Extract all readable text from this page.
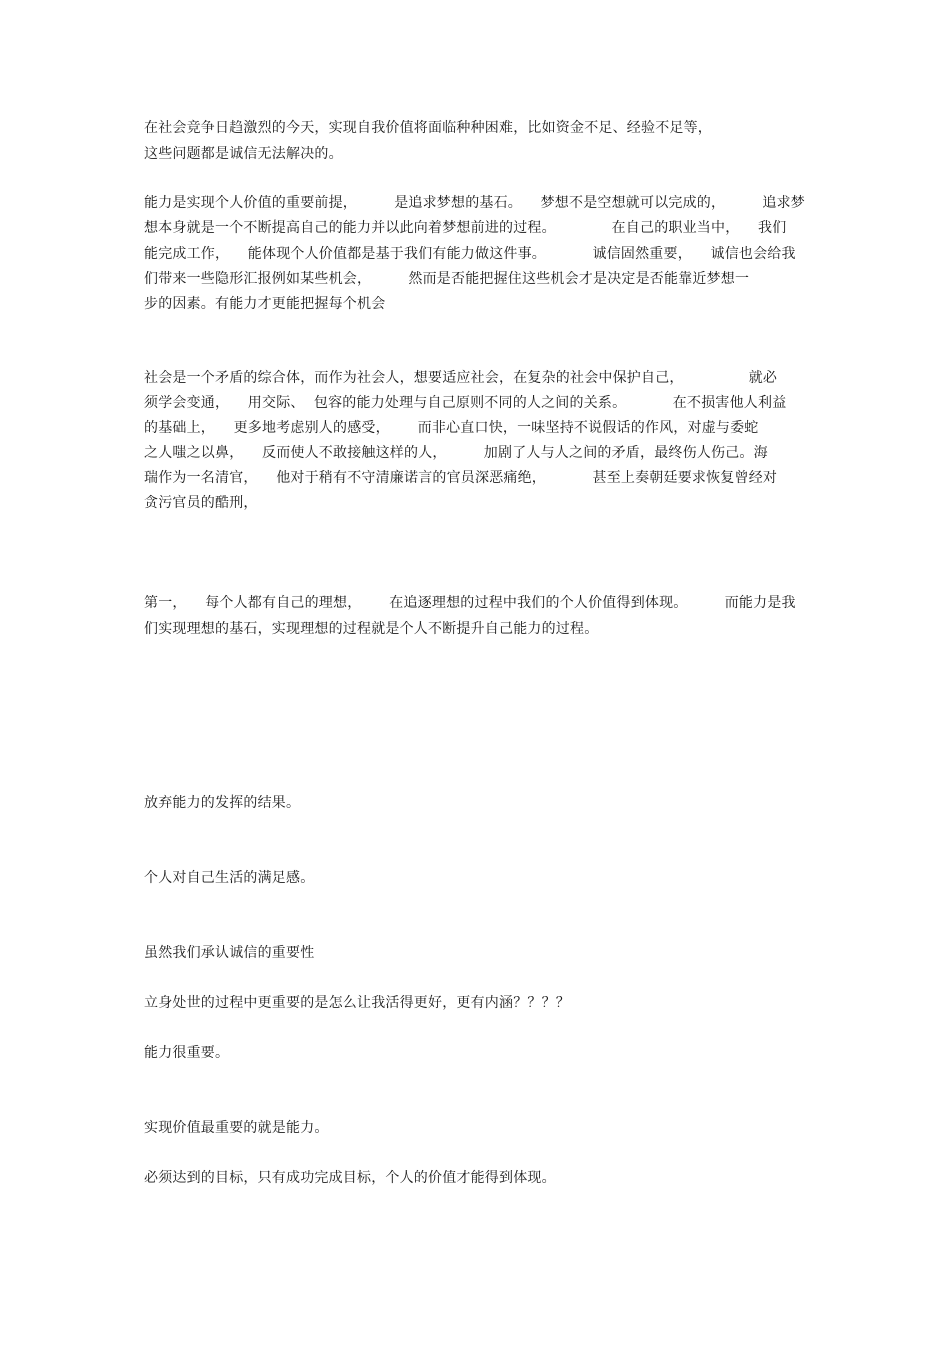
在社会竞争日趋激烈的今天，实现自我价值将面临种种困难，比如资金不足、经验不足等，
这些问题都是诚信无法解决的。
能力是实现个人价值的重要前提，        是追求梦想的基石。    梦想不是空想就可以完成的，        追求梦
想本身就是一个不断提高自己的能力并以此向着梦想前进的过程。            在自己的职业当中，    我们
能完成工作，    能体现个人价值都是基于我们有能力做这件事。          诚信固然重要，    诚信也会给我
们带来一些隐形汇报例如某些机会，        然而是否能把握住这些机会才是决定是否能靠近梦想一
步的因素。有能力才更能把握每个机会
社会是一个矛盾的综合体，而作为社会人，想要适应社会，在复杂的社会中保护自己，              就必
须学会变通，    用交际、  包容的能力处理与自己原则不同的人之间的关系。          在不损害他人利益
的基础上，    更多地考虑别人的感受，      而非心直口快，一味坚持不说假话的作风，对虚与委蛇
之人嗤之以鼻，    反而使人不敢接触这样的人，        加剧了人与人之间的矛盾，最终伤人伤己。海
瑞作为一名清官，    他对于稍有不守清廉诺言的官员深恶痛绝，          甚至上奏朝廷要求恢复曾经对
贪污官员的酷刑，
第一，    每个人都有自己的理想，      在追逐理想的过程中我们的个人价值得到体现。        而能力是我
们实现理想的基石，实现理想的过程就是个人不断提升自己能力的过程。
放弃能力的发挥的结果。
个人对自己生活的满足感。
虽然我们承认诚信的重要性
立身处世的过程中更重要的是怎么让我活得更好，更有内涵？？？？
能力很重要。
实现价值最重要的就是能力。
必须达到的目标，只有成功完成目标，个人的价值才能得到体现。
